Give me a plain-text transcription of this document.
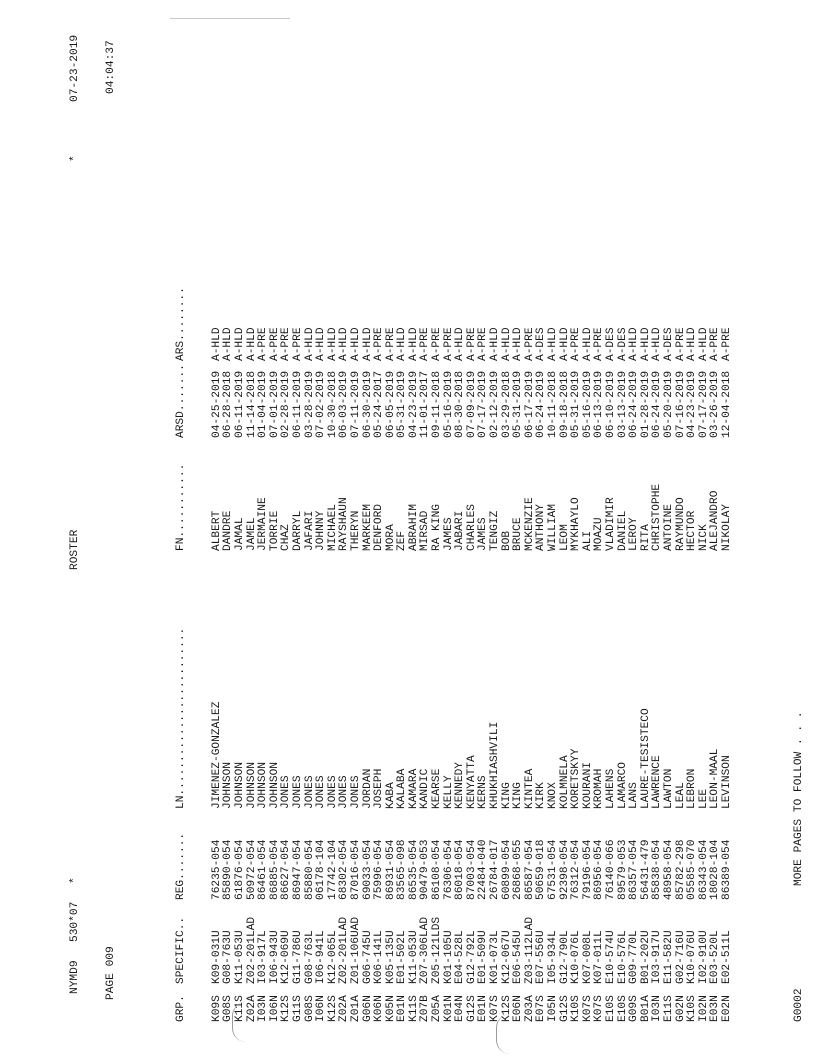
NYMD9

530*07

*

ROSTER

*

07-23-2019

PAGE 009

04:04:37

GRP.SPECIFIC..REG.......LN.........................FN...........ARSD.......ARS........

K09SK09-031U76235-054JIMENEZ-GONZALEZALBERT04-25-2019A-HLD
G08SG08-763U85890-054JOHNSONDANDRE06-28-2018A-HLD
K11SK11-053U61876-054JOHNSONJAMAL06-11-2019A-HLD
Z02AZ02-201LAD50972-054JOHNSONJAMEL11-14-2018A-HLD
I03NI03-917L86461-054JOHNSONJERMAINE01-04-2019A-PRE
I06NI06-943U86885-054JOHNSONTORRIE07-01-2019A-PRE
K12SK12-069U86627-054JONESCHAZ02-28-2019A-PRE
G11SG11-786U86947-054JONESDARRYL06-11-2019A-PRE
G08SG08-763L85880-054JONESJAFARI03-28-2019A-HLD
I06NI06-941L06178-104JONESJOHNNY07-02-2019A-HLD
K12SK12-065L17742-104JONESMICHAEL10-30-2018A-HLD
Z02AZ02-201LAD68302-054JONESRAYSHAUN06-03-2019A-HLD
Z01AZ01-106UAD87016-054JONESTHERYN07-11-2019A-HLD
G06NG06-745U69033-054JORDANMARKEEM06-30-2019A-HLD
K06NK06-141L75996-054JOSEPHDENFORD05-24-2017A-PRE
K05NK05-135U86931-054KABAMORA06-05-2019A-PRE
E01NE01-502L83565-098KALABAZEF05-31-2019A-HLD
K11SK11-053U86535-054KAMARAABRAHIM04-23-2019A-HLD
Z07BZ07-306LAD90479-053KANDICMIRSAD11-01-2017A-PRE
Z05AZ05-121LDS86108-054KEARSERA KING09-11-2018A-PRE
K01NK01-105U76306-054KELLYJAMES05-16-2019A-PRE
E04NE04-528L86018-054KENNEDYJABARI08-30-2018A-HLD
G12SG12-792L87003-054KENYATTACHARLES07-09-2019A-PRE
E01NE01-509U22484-040KERNSJAMES07-17-2019A-PRE
K07SK01-073L26784-017KHUKHIASHVILITENGIZ02-12-2019A-HLD
K12SK12-067U60899-054KINGBOB03-29-2018A-HLD
E06NE06-545U26868-055KINGBRUCE05-31-2019A-HLD
Z03AZ03-112LAD86587-054KINTEAMCKENZIE06-17-2019A-PRE
E07SE07-556U50659-018KIRKANTHONY06-24-2019A-DES
I05NI05-934L67531-054KNOXWILLIAM10-11-2018A-HLD
G12SG12-790L92398-054KOLMNELALEOM09-18-2018A-HLD
K10SK10-076L76312-054KORETSKYYMYKHAYLO05-31-2019A-PRE
K07SK07-008L79196-054KOURANIALI05-16-2019A-HLD
K07SK07-011L86956-054KROMAHMOAZU06-13-2019A-PRE
E10SE10-574U76140-066LAHENSVLADIMIR06-10-2019A-DES
E10SE10-576L89579-053LAMARCODANIEL03-13-2019A-DES
G09SG09-770L86357-054LANSLEROY06-24-2019A-HLD
B01AB01-202U56431-479LAURE-TESISTECORITA01-28-2019A-HLD
I03NI03-917U85838-054LAWRENCECHRISTOPHE06-24-2019A-HLD
E11SE11-582U48958-054LAWTONANTOINE05-20-2019A-DES
G02NG02-716U85782-298LEALRAYMUNDO07-16-2019A-PRE
K10SK10-076U05585-070LEBRONHECTOR04-23-2019A-HLD
I02NI02-910U86343-054LEENICK07-17-2019A-HLD
E03NE03-520L18028-104LEON-MAALALEJANDRO03-26-2019A-PRE
E02NE02-511L86389-054LEVINSONNIKOLAY12-04-2018A-PRE

G0002

MORE PAGES TO FOLLOW . . .
